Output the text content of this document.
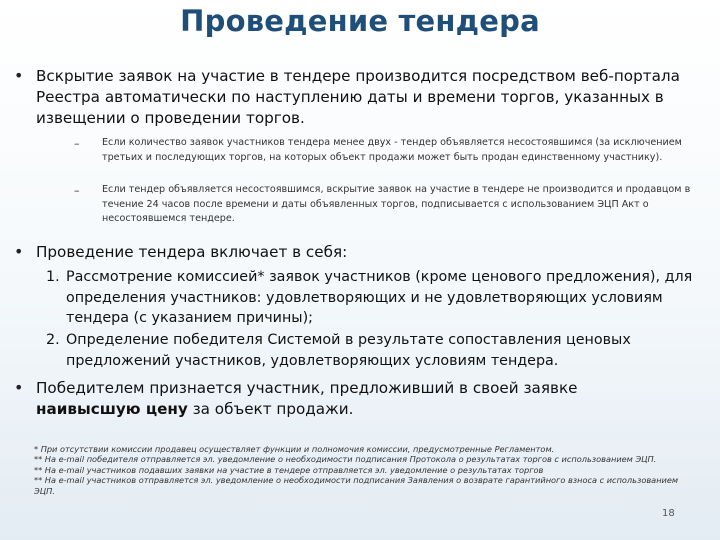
Проведение тендера
• Вскрытие заявок на участие в тендере производится посредством веб-портала Реестра автоматически по наступлению даты и времени торгов, указанных в извещении о проведении торгов.
– Если количество заявок участников тендера менее двух - тендер объявляется несостоявшимся (за исключением третьих и последующих торгов, на которых объект продажи может быть продан единственному участнику).
– Если тендер объявляется несостоявшимся, вскрытие заявок на участие в тендере не производится и продавцом в течение 24 часов после времени и даты объявленных торгов, подписывается с использованием ЭЦП Акт о несостоявшемся тендере.
• Проведение тендера включает в себя:
1. Рассмотрение комиссией* заявок участников (кроме ценового предложения), для
определения участников: удовлетворяющих и не удовлетворяющих условиям
тендера (с указанием причины);
2. Определение победителя Системой в результате сопоставления ценовых
предложений участников, удовлетворяющих условиям тендера.
• Победителем признается участник, предложивший в своей заявке
наивысшую цену за объект продажи.
* При отсутствии комиссии продавец осуществляет функции и полномочия комиссии, предусмотренные Регламентом.
** На e-mail победителя отправляется эл. уведомление о необходимости подписания Протокола о результатах торгов с использованием ЭЦП.
** На e-mail участников подавших заявки на участие в тендере отправляется эл. уведомление о результатах торгов
** На e-mail участников отправляется эл. уведомление о необходимости подписания Заявления о возврате гарантийного взноса с использованием ЭЦП.
18
